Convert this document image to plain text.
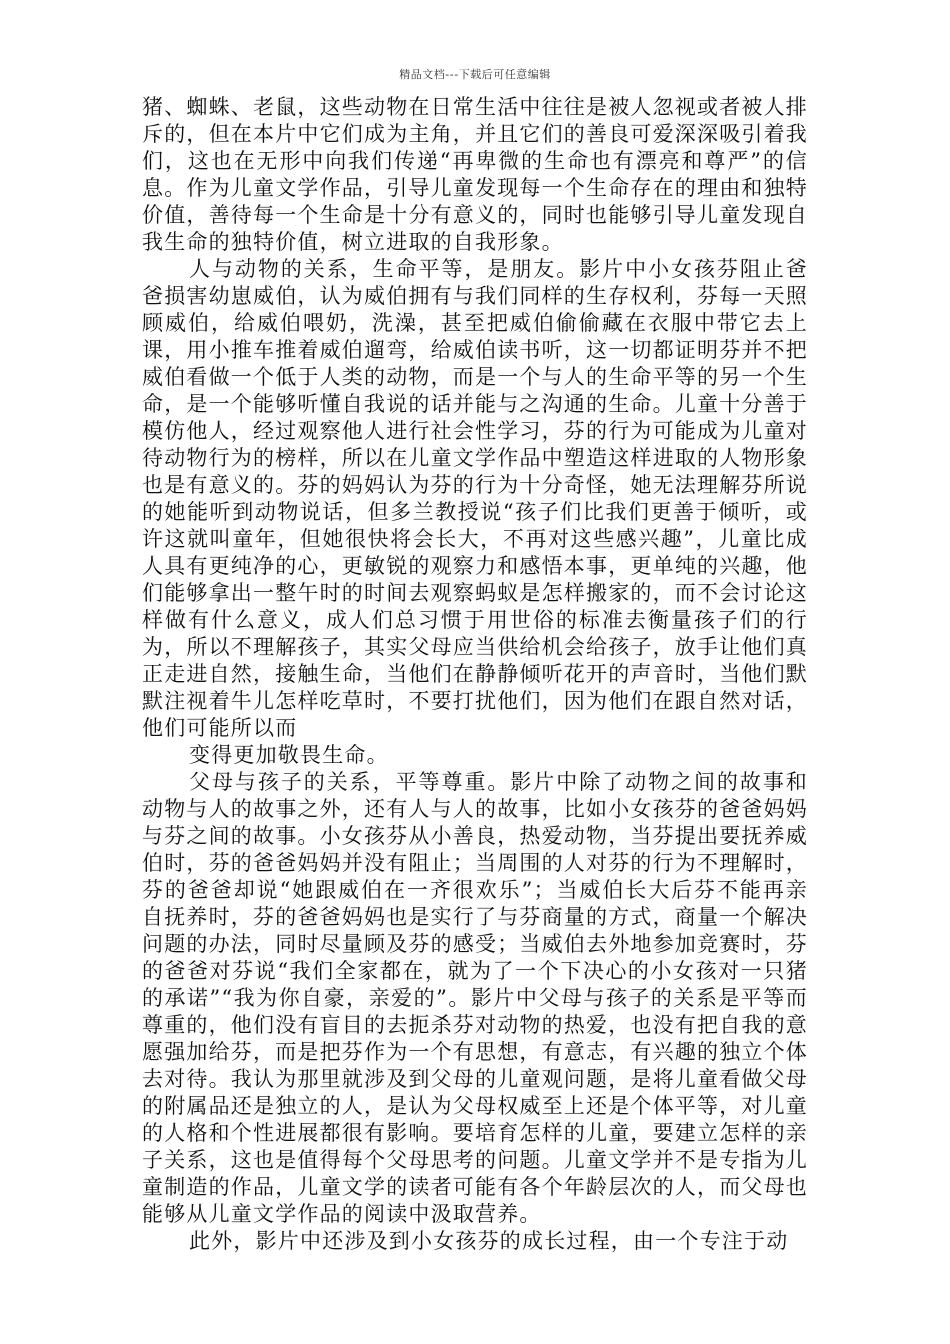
精品文档---下载后可任意编辑

猪、蜘蛛、老鼠，这些动物在日常生活中往往是被人忽视或者被人排斥的，但在本片中它们成为主角，并且它们的善良可爱深深吸引着我们，这也在无形中向我们传递“再卑微的生命也有漂亮和尊严”的信息。作为儿童文学作品，引导儿童发现每一个生命存在的理由和独特价值，善待每一个生命是十分有意义的，同时也能够引导儿童发现自我生命的独特价值，树立进取的自我形象。

人与动物的关系，生命平等，是朋友。影片中小女孩芬阻止爸爸损害幼崽威伯，认为威伯拥有与我们同样的生存权利，芬每一天照顾威伯，给威伯喂奶，洗澡，甚至把威伯偷偷藏在衣服中带它去上课，用小推车推着威伯遛弯，给威伯读书听，这一切都证明芬并不把威伯看做一个低于人类的动物，而是一个与人的生命平等的另一个生命，是一个能够听懂自我说的话并能与之沟通的生命。儿童十分善于模仿他人，经过观察他人进行社会性学习，芬的行为可能成为儿童对待动物行为的榜样，所以在儿童文学作品中塑造这样进取的人物形象也是有意义的。芬的妈妈认为芬的行为十分奇怪，她无法理解芬所说的她能听到动物说话，但多兰教授说“孩子们比我们更善于倾听，或许这就叫童年，但她很快将会长大，不再对这些感兴趣”，儿童比成人具有更纯净的心，更敏锐的观察力和感悟本事，更单纯的兴趣，他们能够拿出一整午时的时间去观察蚂蚁是怎样搬家的，而不会讨论这样做有什么意义，成人们总习惯于用世俗的标准去衡量孩子们的行为，所以不理解孩子，其实父母应当供给机会给孩子，放手让他们真正走进自然，接触生命，当他们在静静倾听花开的声音时，当他们默默注视着牛儿怎样吃草时，不要打扰他们，因为他们在跟自然对话，他们可能所以而

变得更加敬畏生命。

父母与孩子的关系，平等尊重。影片中除了动物之间的故事和动物与人的故事之外，还有人与人的故事，比如小女孩芬的爸爸妈妈与芬之间的故事。小女孩芬从小善良，热爱动物，当芬提出要抚养威伯时，芬的爸爸妈妈并没有阻止；当周围的人对芬的行为不理解时，芬的爸爸却说“她跟威伯在一齐很欢乐”；当威伯长大后芬不能再亲自抚养时，芬的爸爸妈妈也是实行了与芬商量的方式，商量一个解决问题的办法，同时尽量顾及芬的感受；当威伯去外地参加竞赛时，芬的爸爸对芬说“我们全家都在，就为了一个下决心的小女孩对一只猪的承诺”“我为你自豪，亲爱的”。影片中父母与孩子的关系是平等而尊重的，他们没有盲目的去扼杀芬对动物的热爱，也没有把自我的意愿强加给芬，而是把芬作为一个有思想，有意志，有兴趣的独立个体去对待。我认为那里就涉及到父母的儿童观问题，是将儿童看做父母的附属品还是独立的人，是认为父母权威至上还是个体平等，对儿童的人格和个性进展都很有影响。要培育怎样的儿童，要建立怎样的亲子关系，这也是值得每个父母思考的问题。儿童文学并不是专指为儿童制造的作品，儿童文学的读者可能有各个年龄层次的人，而父母也能够从儿童文学作品的阅读中汲取营养。

此外，影片中还涉及到小女孩芬的成长过程，由一个专注于动
